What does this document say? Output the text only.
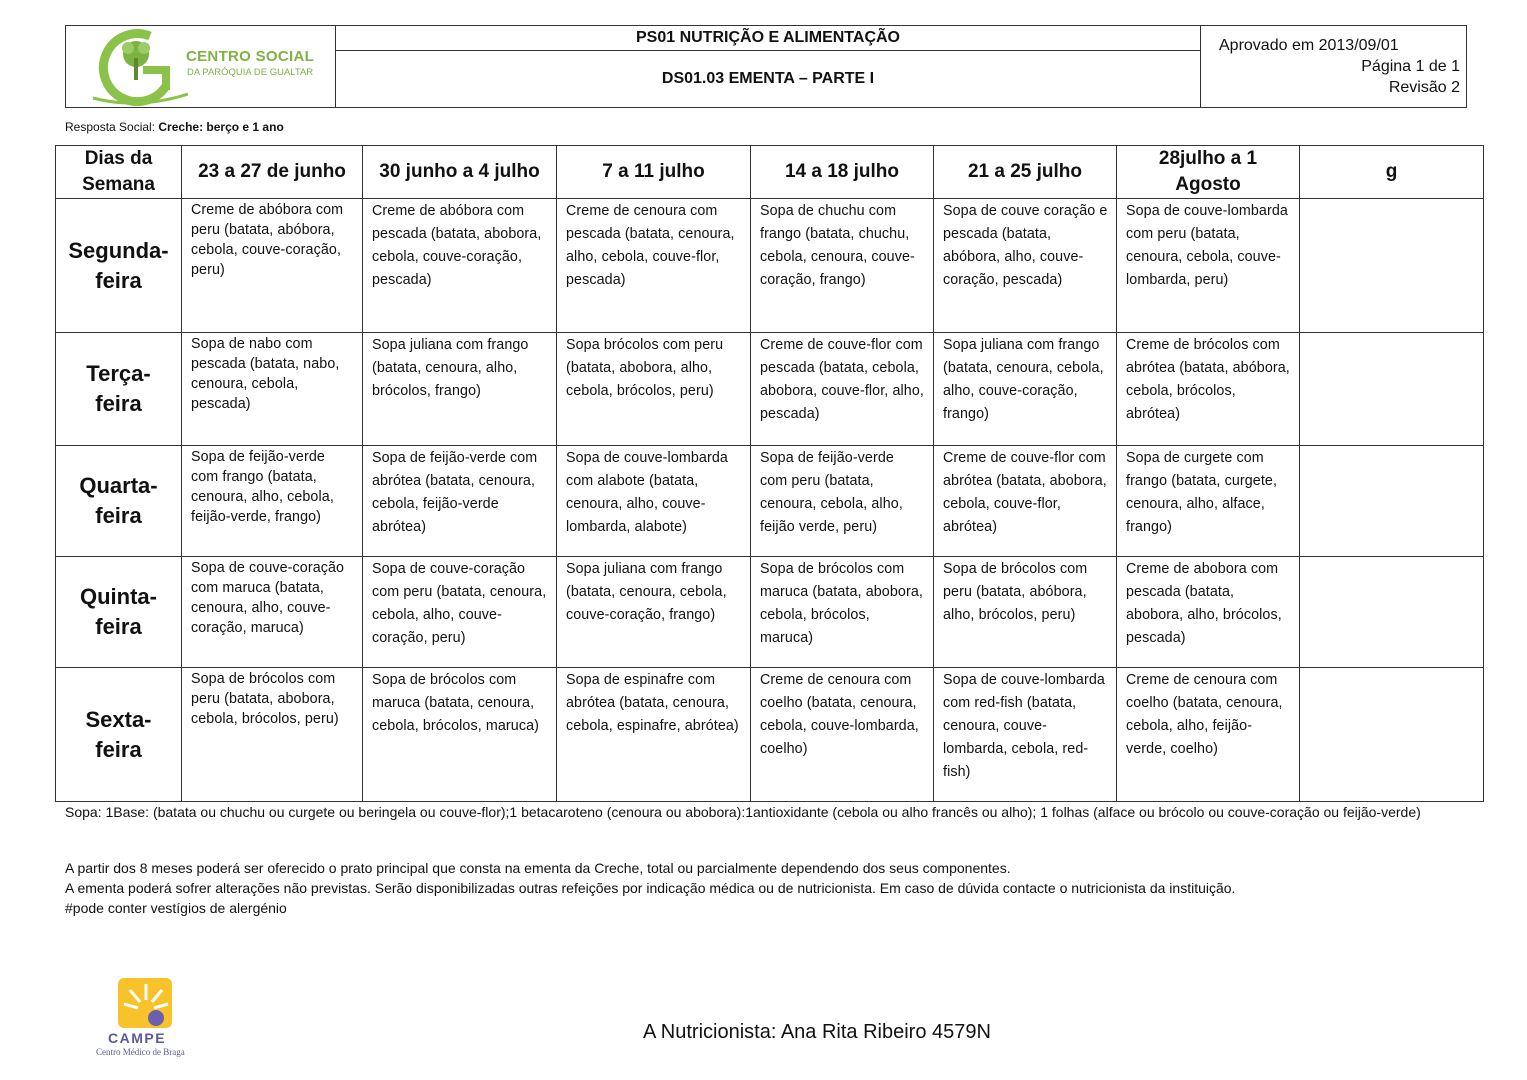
CENTRO SOCIAL
DA PARÓQUIA DE GUALTAR
PS01 NUTRIÇÃO E ALIMENTAÇÃO
DS01.03 EMENTA – PARTE I
Aprovado em 2013/09/01
Página 1 de 1
Revisão 2
Resposta Social: Creche: berço e 1 ano
Dias da Semana	23 a 27 de junho	30 junho a 4 julho	7 a 11 julho	14 a 18 julho	21 a 25 julho	28julho a 1 Agosto	g
Segunda-feira	Creme de abóbora com peru (batata, abóbora, cebola, couve-coração, peru)	Creme de abóbora com pescada (batata, abobora, cebola, couve-coração, pescada)	Creme de cenoura com pescada (batata, cenoura, alho, cebola, couve-flor, pescada)	Sopa de chuchu com frango (batata, chuchu, cebola, cenoura, couve-coração, frango)	Sopa de couve coração e pescada (batata, abóbora, alho, couve-coração, pescada)	Sopa de couve-lombarda com peru (batata, cenoura, cebola, couve-lombarda, peru)	
Terça-feira	Sopa de nabo com pescada (batata, nabo, cenoura, cebola, pescada)	Sopa juliana com frango (batata, cenoura, alho, brócolos, frango)	Sopa brócolos com peru (batata, abobora, alho, cebola, brócolos, peru)	Creme de couve-flor com pescada (batata, cebola, abobora, couve-flor, alho, pescada)	Sopa juliana com frango (batata, cenoura, cebola, alho, couve-coração, frango)	Creme de brócolos com abrótea (batata, abóbora, cebola, brócolos, abrótea)	
Quarta-feira	Sopa de feijão-verde com frango (batata, cenoura, alho, cebola, feijão-verde, frango)	Sopa de feijão-verde com abrótea (batata, cenoura, cebola, feijão-verde abrótea)	Sopa de couve-lombarda com alabote (batata, cenoura, alho, couve-lombarda, alabote)	Sopa de feijão-verde com peru (batata, cenoura, cebola, alho, feijão verde, peru)	Creme de couve-flor com abrótea (batata, abobora, cebola, couve-flor, abrótea)	Sopa de curgete com frango (batata, curgete, cenoura, alho, alface, frango)	
Quinta-feira	Sopa de couve-coração com maruca (batata, cenoura, alho, couve-coração, maruca)	Sopa de couve-coração com peru (batata, cenoura, cebola, alho, couve-coração, peru)	Sopa juliana com frango (batata, cenoura, cebola, couve-coração, frango)	Sopa de brócolos com maruca (batata, abobora, cebola, brócolos, maruca)	Sopa de brócolos com peru (batata, abóbora, alho, brócolos, peru)	Creme de abobora com pescada (batata, abobora, alho, brócolos, pescada)	
Sexta-feira	Sopa de brócolos com peru (batata, abobora, cebola, brócolos, peru)	Sopa de brócolos com maruca (batata, cenoura, cebola, brócolos, maruca)	Sopa de espinafre com abrótea (batata, cenoura, cebola, espinafre, abrótea)	Creme de cenoura com coelho (batata, cenoura, cebola, couve-lombarda, coelho)	Sopa de couve-lombarda com red-fish (batata, cenoura, couve-lombarda, cebola, red-fish)	Creme de cenoura com coelho (batata, cenoura, cebola, alho, feijão-verde, coelho)	
Sopa: 1Base: (batata ou chuchu ou curgete ou beringela ou couve-flor);1 betacaroteno (cenoura ou abobora):1antioxidante (cebola ou alho francês ou alho); 1 folhas (alface ou brócolo ou couve-coração ou feijão-verde)
A partir dos 8 meses poderá ser oferecido o prato principal que consta na ementa da Creche, total ou parcialmente dependendo dos seus componentes.
A ementa poderá sofrer alterações não previstas. Serão disponibilizadas outras refeições por indicação médica ou de nutricionista. Em caso de dúvida contacte o nutricionista da instituição.
#pode conter vestígios de alergénio
CAMPE
Centro Médico de Braga
A Nutricionista: Ana Rita Ribeiro 4579N
